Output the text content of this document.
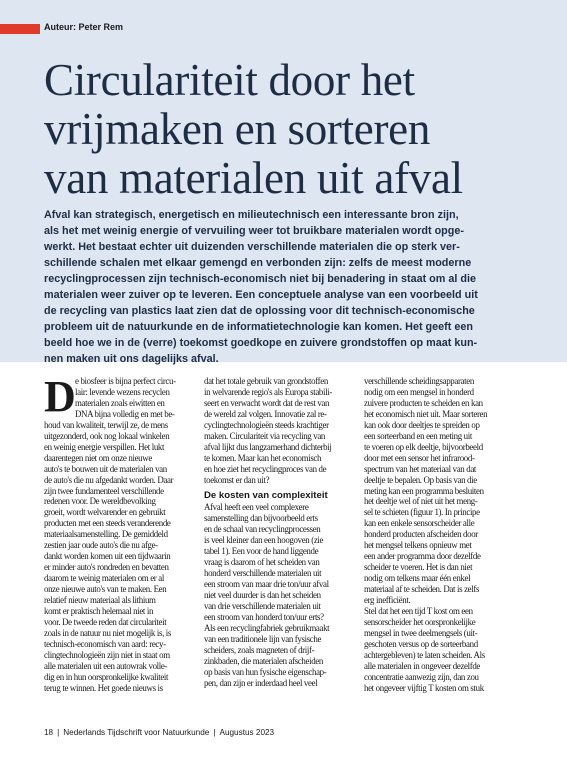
Auteur: Peter Rem
Circulariteit door het
vrijmaken en sorteren
van materialen uit afval
Afval kan strategisch, energetisch en milieutechnisch een interessante bron zijn,
als het met weinig energie of vervuiling weer tot bruikbare materialen wordt opge-
werkt. Het bestaat echter uit duizenden verschillende materialen die op sterk ver-
schillende schalen met elkaar gemengd en verbonden zijn: zelfs de meest moderne
recyclingprocessen zijn technisch-economisch niet bij benadering in staat om al die
materialen weer zuiver op te leveren. Een conceptuele analyse van een voorbeeld uit
de recycling van plastics laat zien dat de oplossing voor dit technisch-economische
probleem uit de natuurkunde en de informatietechnologie kan komen. Het geeft een
beeld hoe we in de (verre) toekomst goedkope en zuivere grondstoffen op maat kun-
nen maken uit ons dagelijks afval.
D e biosfeer is bijna perfect circu-
lair: levende wezens recyclen
materialen zoals eiwitten en
DNA bijna volledig en met be-
houd van kwaliteit, terwijl ze, de mens
uitgezonderd, ook nog lokaal winkelen
en weinig energie verspillen. Het lukt
daarentegen niet om onze nieuwe
auto's te bouwen uit de materialen van
de auto's die nu afgedankt worden. Daar
zijn twee fundamenteel verschillende
redenen voor. De wereldbevolking
groeit, wordt welvarender en gebruikt
producten met een steeds veranderende
materiaalsamenstelling. De gemiddeld
zestien jaar oude auto's die nu afge-
dankt worden komen uit een tijdwaarin
er minder auto's rondreden en bevatten
daarom te weinig materialen om er al
onze nieuwe auto's van te maken. Een
relatief nieuw materiaal als lithium
komt er praktisch helemaal niet in
voor. De tweede reden dat circulariteit
zoals in de natuur nu niet mogelijk is, is
technisch-economisch van aard: recy-
clingtechnologieën zijn niet in staat om
alle materialen uit een autowrak volle-
dig en in hun oorspronkelijke kwaliteit
terug te winnen. Het goede nieuws is
dat het totale gebruik van grondstoffen
in welvarende regio's als Europa stabili-
seert en verwacht wordt dat de rest van
de wereld zal volgen. Innovatie zal re-
cyclingtechnologieën steeds krachtiger
maken. Circulariteit via recycling van
afval lijkt dus langzamerhand dichterbij
te komen. Maar kan het economisch
en hoe ziet het recyclingproces van de
toekomst er dan uit?
De kosten van complexiteit
Afval heeft een veel complexere
samenstelling dan bijvoorbeeld erts
en de schaal van recyclingprocessen
is veel kleiner dan een hoogoven (zie
tabel 1). Een voor de hand liggende
vraag is daarom of het scheiden van
honderd verschillende materialen uit
een stroom van maar drie ton/uur afval
niet veel duurder is dan het scheiden
van drie verschillende materialen uit
een stroom van honderd ton/uur erts?
Als een recyclingfabriek gebruikmaakt
van een traditionele lijn van fysische
scheiders, zoals magneten of drijf-
zinkbaden, die materialen afscheiden
op basis van hun fysische eigenschap-
pen, dan zijn er inderdaad heel veel
verschillende scheidingsapparaten
nodig om een mengsel in honderd
zuivere producten te scheiden en kan
het economisch niet uit. Maar sorteren
kan ook door deeltjes te spreiden op
een sorteerband en een meting uit
te voeren op elk deeltje, bijvoorbeeld
door met een sensor het infrarood-
spectrum van het materiaal van dat
deeltje te bepalen. Op basis van die
meting kan een programma besluiten
het deeltje wel of niet uit het meng-
sel te schieten (figuur 1). In principe
kan een enkele sensorscheider alle
honderd producten afscheiden door
het mengsel telkens opnieuw met
een ander programma door dezelfde
scheider te voeren. Het is dan niet
nodig om telkens maar één enkel
materiaal af te scheiden. Dat is zelfs
erg inefficiënt.
Stel dat het een tijd T kost om een
sensorscheider het oorspronkelijke
mengsel in twee deelmengsels (uit-
geschoten versus op de sorteerband
achtergebleven) te laten scheiden. Als
alle materialen in ongeveer dezelfde
concentratie aanwezig zijn, dan zou
het ongeveer vijftig T kosten om stuk
18 | Nederlands Tijdschrift voor Natuurkunde | Augustus 2023
